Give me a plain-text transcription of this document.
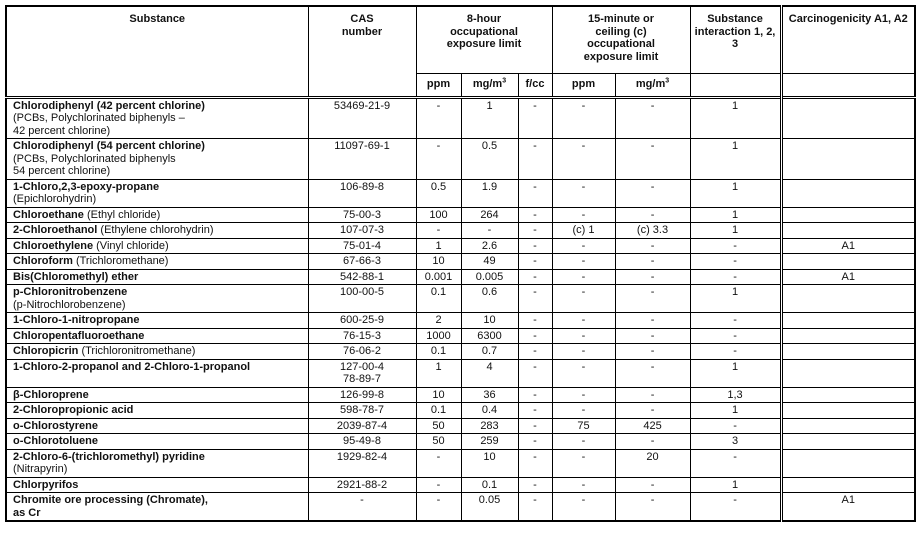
Substance	CAS number	8-hour occupational exposure limit			15-minute or ceiling (c) occupational exposure limit		Substance interaction 1, 2, 3	Carcinogenicity A1, A2
		ppm	$mg/m^3$	f/cc	ppm	$mg/m^3$		
Chlorodiphenyl (42 percent chlorine)
(PCBs, Polychlorinated biphenyls –
42 percent chlorine)	53469-21-9	-	1	-	-	-	1	
Chlorodiphenyl (54 percent chlorine)
(PCBs, Polychlorinated biphenyls
54 percent chlorine)	11097-69-1	-	0.5	-	-	-	1	
1-Chloro,2,3-epoxy-propane
(Epichlorohydrin)	106-89-8	0.5	1.9	-	-	-	1	
Chloroethane (Ethyl chloride)	75-00-3	100	264	-	-	-	1	
2-Chloroethanol (Ethylene chlorohydrin)	107-07-3	-	-	-	(c) 1	(c) 3.3	1	
Chloroethylene (Vinyl chloride)	75-01-4	1	2.6	-	-	-	-	A1
Chloroform (Trichloromethane)	67-66-3	10	49	-	-	-	-	
Bis(Chloromethyl) ether	542-88-1	0.001	0.005	-	-	-	-	A1
p-Chloronitrobenzene
(p-Nitrochlorobenzene)	100-00-5	0.1	0.6	-	-	-	1	
1-Chloro-1-nitropropane	600-25-9	2	10	-	-	-	-	
Chloropentafluoroethane	76-15-3	1000	6300	-	-	-	-	
Chloropicrin (Trichloronitromethane)	76-06-2	0.1	0.7	-	-	-	-	
1-Chloro-2-propanol and 2-Chloro-1-propanol	127-00-4
78-89-7	1	4	-	-	-	1	
β-Chloroprene	126-99-8	10	36	-	-	-	1,3	
2-Chloropropionic acid	598-78-7	0.1	0.4	-	-	-	1	
o-Chlorostyrene	2039-87-4	50	283	-	75	425	-	
o-Chlorotoluene	95-49-8	50	259	-	-	-	3	
2-Chloro-6-(trichloromethyl) pyridine
(Nitrapyrin)	1929-82-4	-	10	-	-	20	-	
Chlorpyrifos	2921-88-2	-	0.1	-	-	-	1	
Chromite ore processing (Chromate),
as Cr	-	-	0.05	-	-	-	-	A1
